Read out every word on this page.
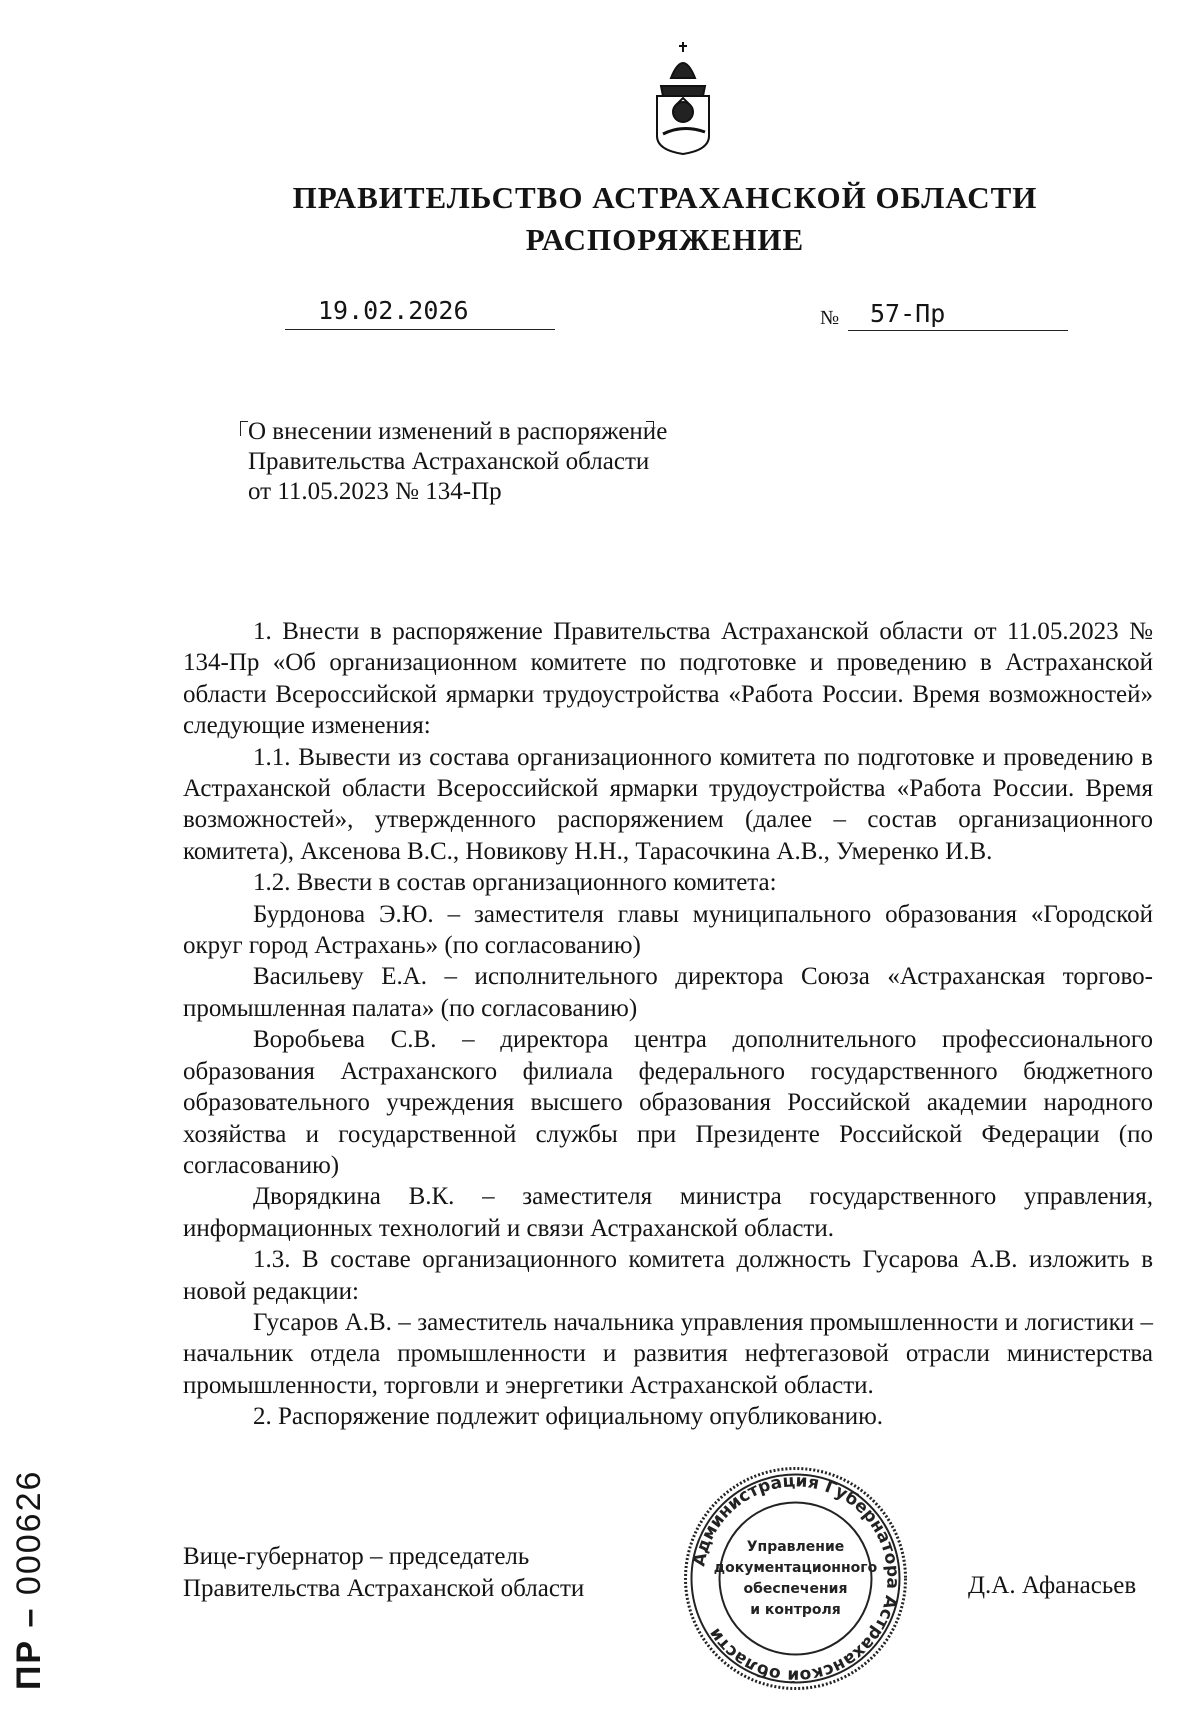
ПРАВИТЕЛЬСТВО АСТРАХАНСКОЙ ОБЛАСТИ
РАСПОРЯЖЕНИЕ
19.02.2026	№	57-Пр
О внесении изменений в распоряжение Правительства Астраханской области от 11.05.2023 № 134-Пр

1. Внести в распоряжение Правительства Астраханской области от 11.05.2023 № 134-Пр «Об организационном комитете по подготовке и проведению в Астраханской области Всероссийской ярмарки трудоустройства «Работа России. Время возможностей» следующие изменения:

1.1. Вывести из состава организационного комитета по подготовке и проведению в Астраханской области Всероссийской ярмарки трудоустройства «Работа России. Время возможностей», утвержденного распоряжением (далее – состав организационного комитета), Аксенова В.С., Новикову Н.Н., Тарасочкина А.В., Умеренко И.В.

1.2. Ввести в состав организационного комитета:

Бурдонова Э.Ю. – заместителя главы муниципального образования «Городской округ город Астрахань» (по согласованию)

Васильеву Е.А. – исполнительного директора Союза «Астраханская торгово-промышленная палата» (по согласованию)

Воробьева С.В. – директора центра дополнительного профессионального образования Астраханского филиала федерального государственного бюджетного образовательного учреждения высшего образования Российской академии народного хозяйства и государственной службы при Президенте Российской Федерации (по согласованию)

Дворядкина В.К. – заместителя министра государственного управления, информационных технологий и связи Астраханской области.

1.3. В составе организационного комитета должность Гусарова А.В. изложить в новой редакции:

Гусаров А.В. – заместитель начальника управления промышленности и логистики – начальник отдела промышленности и развития нефтегазовой отрасли министерства промышленности, торговли и энергетики Астраханской области.

2. Распоряжение подлежит официальному опубликованию.

Вице-губернатор – председатель
Правительства Астраханской области
Администрация Губернатора Астраханской области
Управление
документационного
обеспечения
и контроля
Д.А. Афанасьев
ПР – 000626
